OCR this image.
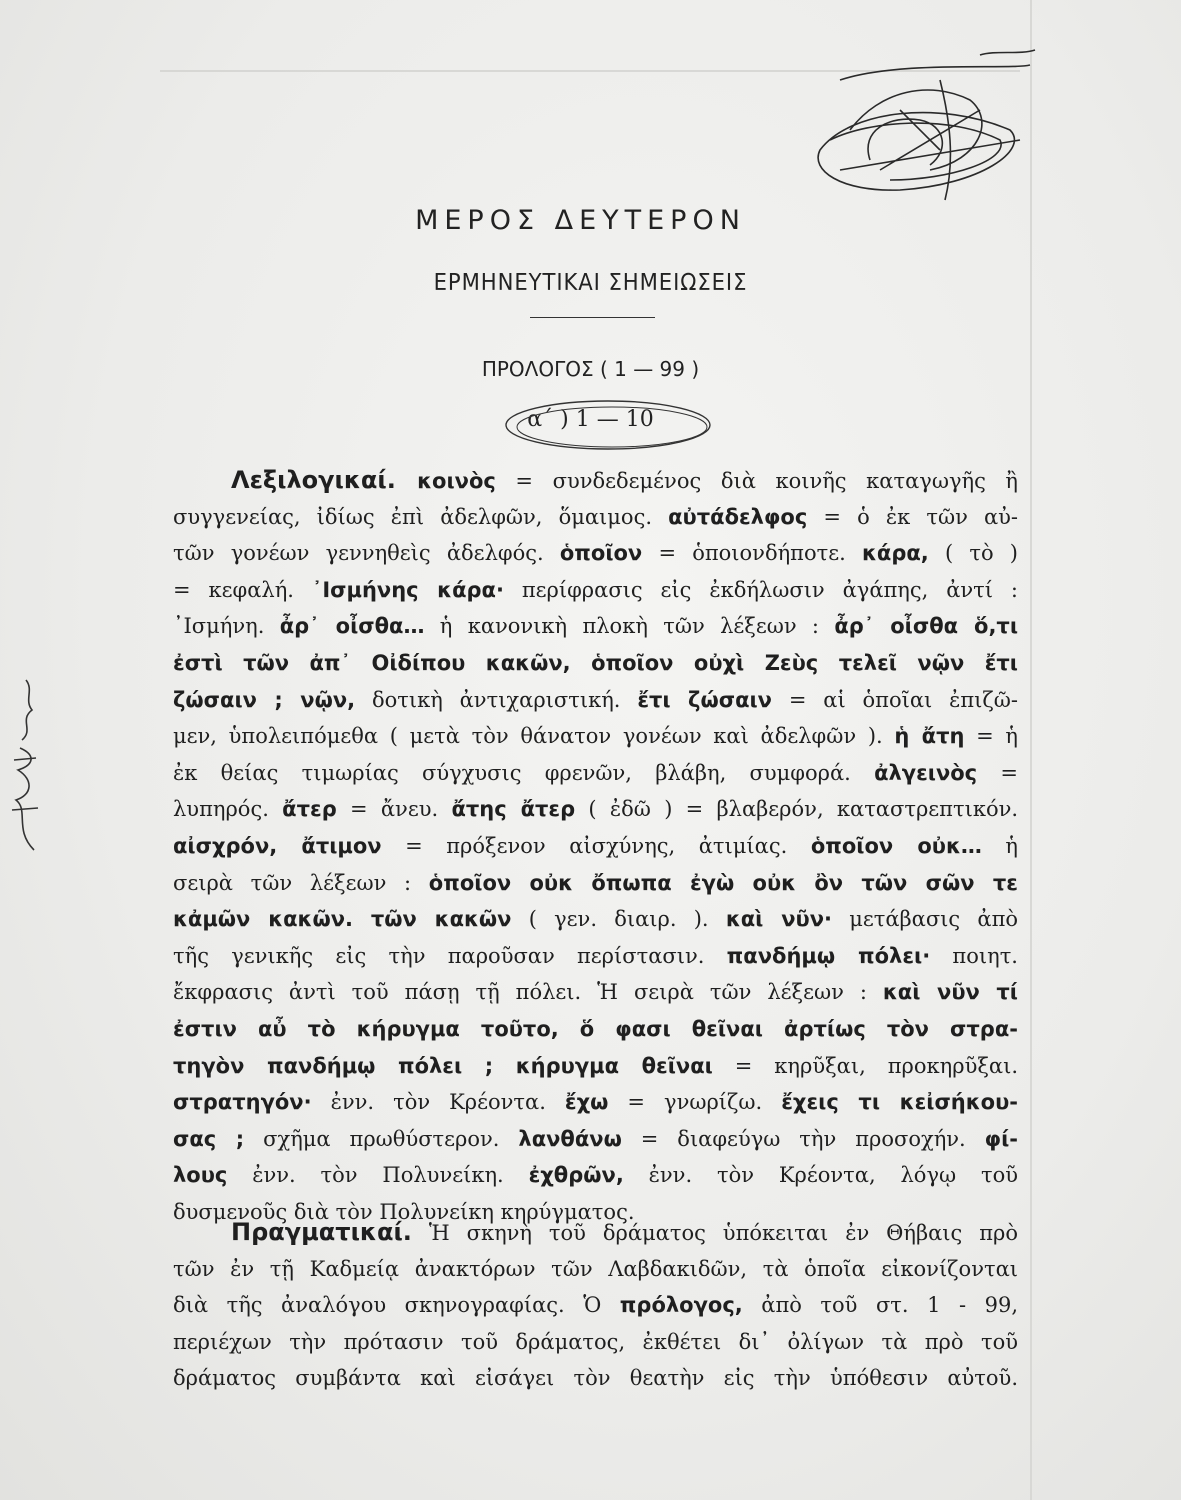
ΜΕΡΟΣ ΔΕΥΤΕΡΟΝ
ΕΡΜΗΝΕΥΤΙΚΑΙ ΣΗΜΕΙΩΣΕΙΣ
ΠΡΟΛΟΓΟΣ ( 1 — 99 )
α΄ ) 1 — 10
Λεξιλογικαί. κοινὸς = συνδεδεμένος διὰ κοινῆς καταγωγῆς ἢ
συγγενείας, ἰδίως ἐπὶ ἀδελφῶν, ὅμαιμος. αὐτάδελφος = ὁ ἐκ τῶν αὐ-
τῶν γονέων γεννηθεὶς ἀδελφός. ὁποῖον = ὁποιονδήποτε. κάρα, ( τὸ )
= κεφαλή. ᾿Ισμήνης κάρα· περίφρασις εἰς ἐκδήλωσιν ἀγάπης, ἀντί :
᾿Ισμήνη. ἆρ᾿ οἶσθα… ἡ κανονικὴ πλοκὴ τῶν λέξεων : ἆρ᾿ οἶσθα ὅ,τι
ἐστὶ τῶν ἀπ᾿ Οἰδίπου κακῶν, ὁποῖον οὐχὶ Ζεὺς τελεῖ νῷν ἔτι
ζώσαιν ; νῷν, δοτικὴ ἀντιχαριστική. ἔτι ζώσαιν = αἱ ὁποῖαι ἐπιζῶ-
μεν, ὑπολειπόμεθα ( μετὰ τὸν θάνατον γονέων καὶ ἀδελφῶν ). ἡ ἄτη = ἡ
ἐκ θείας τιμωρίας σύγχυσις φρενῶν, βλάβη, συμφορά. ἀλγεινὸς =
λυπηρός. ἄτερ = ἄνευ. ἄτης ἄτερ ( ἐδῶ ) = βλαβερόν, καταστρεπτικόν.
αἰσχρόν, ἄτιμον = πρόξενον αἰσχύνης, ἀτιμίας. ὁποῖον οὐκ… ἡ
σειρὰ τῶν λέξεων : ὁποῖον οὐκ ὄπωπα ἐγὼ οὐκ ὂν τῶν σῶν τε
κἀμῶν κακῶν. τῶν κακῶν ( γεν. διαιρ. ). καὶ νῦν· μετάβασις ἀπὸ
τῆς γενικῆς εἰς τὴν παροῦσαν περίστασιν. πανδήμῳ πόλει· ποιητ.
ἔκφρασις ἀντὶ τοῦ πάσῃ τῇ πόλει. Ἡ σειρὰ τῶν λέξεων : καὶ νῦν τί
ἐστιν αὖ τὸ κήρυγμα τοῦτο, ὅ φασι θεῖναι ἀρτίως τὸν στρα-
τηγὸν πανδήμῳ πόλει ; κήρυγμα θεῖναι = κηρῦξαι, προκηρῦξαι.
στρατηγόν· ἐνν. τὸν Κρέοντα. ἔχω = γνωρίζω. ἔχεις τι κεἰσήκου-
σας ; σχῆμα πρωθύστερον. λανθάνω = διαφεύγω τὴν προσοχήν. φί-
λους ἐνν. τὸν Πολυνείκη. ἐχθρῶν, ἐνν. τὸν Κρέοντα, λόγῳ τοῦ
δυσμενοῦς διὰ τὸν Πολυνείκη κηρύγματος.
Πραγματικαί. Ἡ σκηνὴ τοῦ δράματος ὑπόκειται ἐν Θήβαις πρὸ
τῶν ἐν τῇ Καδμείᾳ ἀνακτόρων τῶν Λαβδακιδῶν, τὰ ὁποῖα εἰκονίζονται
διὰ τῆς ἀναλόγου σκηνογραφίας. Ὁ πρόλογος, ἀπὸ τοῦ στ. 1 - 99,
περιέχων τὴν πρότασιν τοῦ δράματος, ἐκθέτει δι᾿ ὀλίγων τὰ πρὸ τοῦ
δράματος συμβάντα καὶ εἰσάγει τὸν θεατὴν εἰς τὴν ὑπόθεσιν αὐτοῦ.
